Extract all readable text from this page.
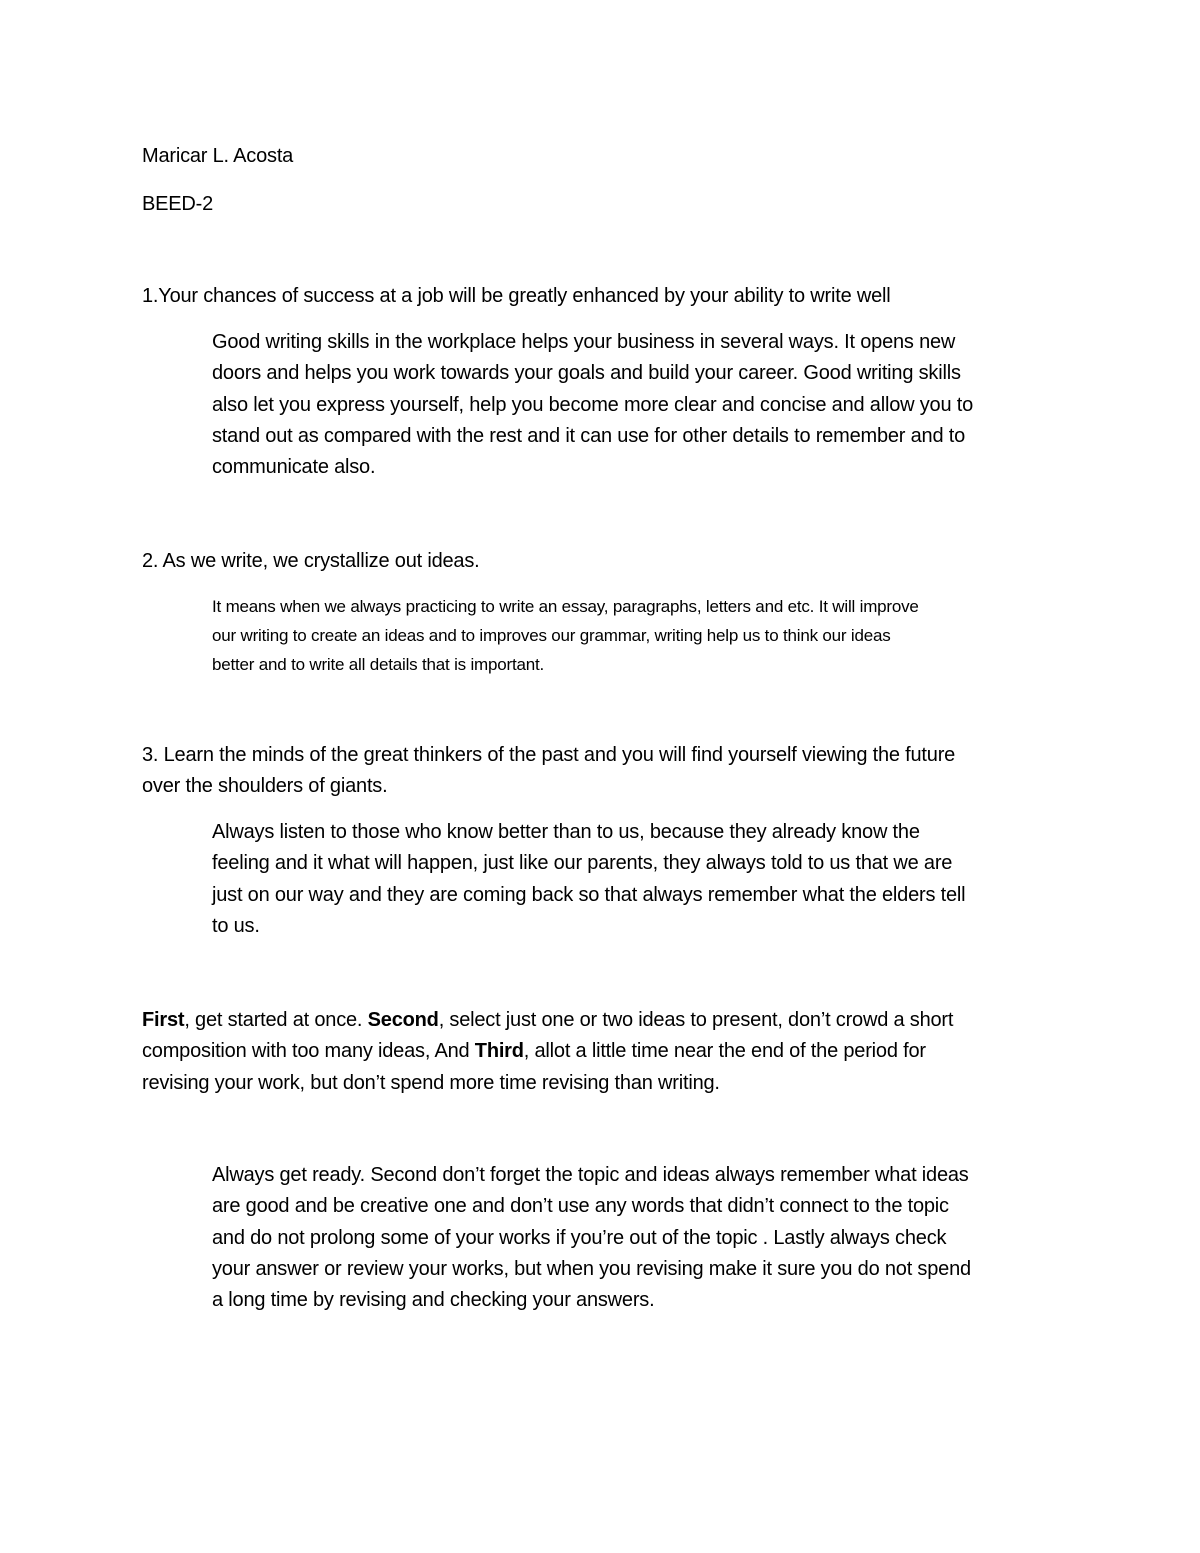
Maricar L. Acosta
BEED-2
1.Your chances of success at a job will be greatly enhanced by your ability to write well
Good writing skills in the workplace helps your business in several ways. It opens new
doors and helps you work towards your goals and build your career. Good writing skills
also let you express yourself, help you become more clear and concise and allow you to
stand out as compared with the rest and it can use for other details to remember and to
communicate also.
2. As we write, we crystallize out ideas.
It means when we always practicing to write an essay, paragraphs, letters and etc. It will improve
our writing to create an ideas and to improves our grammar, writing help us to think our ideas
better and to write all details that is important.
3. Learn the minds of the great thinkers of the past and you will find yourself viewing the future
over the shoulders of giants.
Always listen to those who know better than to us, because they already know the
feeling and it what will happen, just like our parents, they always told to us that we are
just on our way and they are coming back so that always remember what the elders tell
to us.
First, get started at once. Second, select just one or two ideas to present, don’t crowd a short
composition with too many ideas, And Third, allot a little time near the end of the period for
revising your work, but don’t spend more time revising than writing.
Always get ready. Second don’t forget the topic and ideas always remember what ideas
are good and be creative one and don’t use any words that didn’t connect to the topic
and do not prolong some of your works if you’re out of the topic . Lastly always check
your answer or review your works, but when you revising make it sure you do not spend
a long time by revising and checking your answers.
